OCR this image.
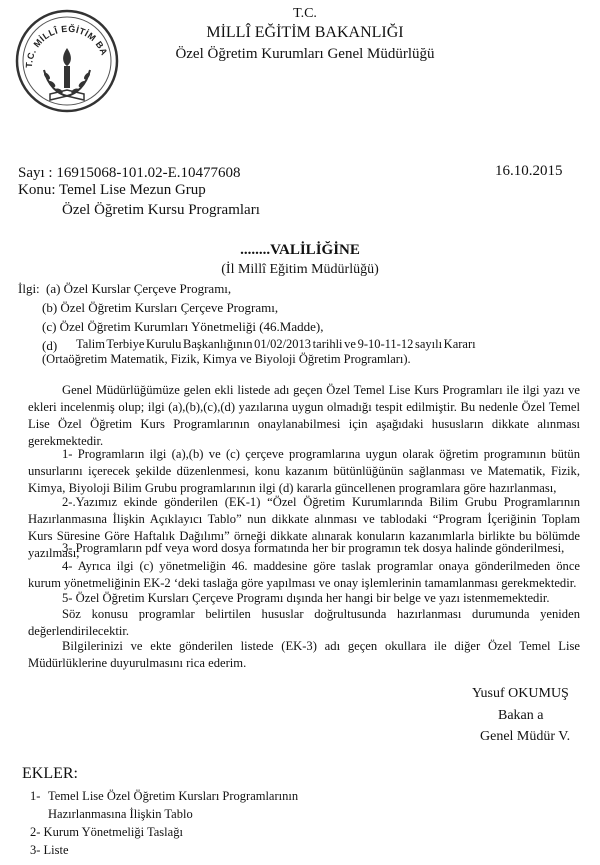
T.C. MİLLÎ EĞİTİM BA
T.C.
MİLLÎ EĞİTİM BAKANLIĞI
Özel Öğretim Kurumları Genel Müdürlüğü
Sayı : 16915068-101.02-E.10477608	16.10.2015
Konu: Temel Lise Mezun Grup
Özel Öğretim Kursu Programları
........VALİLİĞİNE
(İl Millî Eğitim Müdürlüğü)
İlgi: (a) Özel Kurslar Çerçeve Programı,
(b) Özel Öğretim Kursları Çerçeve Programı,
(c) Özel Öğretim Kurumları Yönetmeliği (46.Madde),
(d) Talim Terbiye Kurulu Başkanlığının 01/02/2013 tarihli ve 9-10-11-12 sayılı Kararı
(Ortaöğretim Matematik, Fizik, Kimya ve Biyoloji Öğretim Programları).
Genel Müdürlüğümüze gelen ekli listede adı geçen Özel Temel Lise Kurs Programları ile ilgi yazı ve ekleri incelenmiş olup; ilgi (a),(b),(c),(d) yazılarına uygun olmadığı tespit edilmiştir. Bu nedenle Özel Temel Lise Özel Öğretim Kurs Programlarının onaylanabilmesi için aşağıdaki hususların dikkate alınması gerekmektedir.
1- Programların ilgi (a),(b) ve (c) çerçeve programlarına uygun olarak öğretim programının bütün unsurlarını içerecek şekilde düzenlenmesi, konu kazanım bütünlüğünün sağlanması ve Matematik, Fizik, Kimya, Biyoloji Bilim Grubu programlarının ilgi (d) kararla güncellenen programlara göre hazırlanması,
2-.Yazımız ekinde gönderilen (EK-1) “Özel Öğretim Kurumlarında Bilim Grubu Programlarının Hazırlanmasına İlişkin Açıklayıcı Tablo” nun dikkate alınması ve tablodaki “Program İçeriğinin Toplam Kurs Süresine Göre Haftalık Dağılımı” örneği dikkate alınarak konuların kazanımlarla birlikte bu bölümde yazılması,
3- Programların pdf veya word dosya formatında her bir programın tek dosya halinde gönderilmesi,
4- Ayrıca ilgi (c) yönetmeliğin 46. maddesine göre taslak programlar onaya gönderilmeden önce kurum yönetmeliğinin EK-2 ‘deki taslağa göre yapılması ve onay işlemlerinin tamamlanması gerekmektedir.
5- Özel Öğretim Kursları Çerçeve Programı dışında her hangi bir belge ve yazı istenmemektedir.
Söz konusu programlar belirtilen hususlar doğrultusunda hazırlanması durumunda yeniden değerlendirilecektir.
Bilgilerinizi ve ekte gönderilen listede (EK-3) adı geçen okullara ile diğer Özel Temel Lise Müdürlüklerine duyurulmasını rica ederim.
Yusuf OKUMUŞ
Bakan a
Genel Müdür V.
EKLER:
1- Temel Lise Özel Öğretim Kursları Programlarının
Hazırlanmasına İlişkin Tablo
2- Kurum Yönetmeliği Taslağı
3- Liste
